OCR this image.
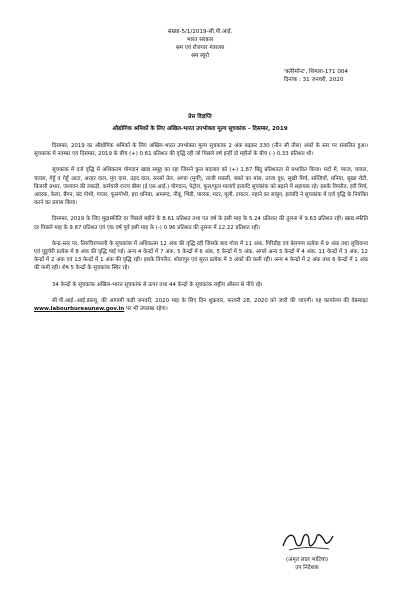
संख्या-5/1/2019-सी.पी.आई.
भारत सरकार
श्रम एवं रोजगार मंत्रालय
श्रम ब्यूरो
'क्लेरेमॉन्ट', शिमला-171 004
दिनांक : 31 जनवरी, 2020
प्रेस विज्ञप्ति
औद्योगिक श्रमिकों के लिए अखिल-भारत उपभोक्ता मूल्य सूचकांक – दिसम्बर, 2019

दिसम्बर, 2019 का औद्योगिक श्रमिकों के लिए अखिल-भारत उपभोक्ता मूल्य सूचकांक 2 अंक बढ़कर 330 (तीन सौ तीस) अंकों के स्तर पर संकलित हुआ। सूचकांक में नवम्बर एवं दिसम्बर, 2019 के बीच (+) 0.61 प्रतिशत की वृद्धि रही जो पिछले वर्ष इन्हीं दो महीनों के बीच (-) 0.33 प्रतिशत थी।

सूचकांक में दर्ज वृद्धि में अधिकतम योगदान खाद्य समूह का रहा जिसने कुल बदलाव को (+) 1.87 बिंदु प्रतिशतता से प्रभावित किया। मदों में, प्याज, चावल, चावल, गेहूँ व गेहूँ आटा, अरहर दाल, मूंग दाल, उड़द दाल, सरसों तेल, अण्डा (मुर्गी), ताजी मछली, बकरे का मांस, ताजा दूध, सूखी मिर्च, सब्जियाँ, धनिया, सूखा रोटी, बिजली प्रभार, जलावन की लकड़ी, कर्मचारी राज्य बीमा (ई.एस.आई.) योगदान, पेट्रोल, फूल/फूल मालाएँ इत्यादि सूचकांक को बढ़ाने में सहायक रहे। इसके विपरीत, हरी मिर्च, अदरक, केला, बैंगन, बंद गोभी, गाजर, फूलगोभी, हरा धनिया, अमरूद, नींबू, भिंडी, पालक, मटर, मूली, टमाटर, नहाने का साबुन, इत्यादि ने सूचकांक में दर्ज वृद्धि के नियंत्रित करने का प्रयास किया।

दिसम्बर, 2019 के लिए मुद्रास्फीति दर पिछले महीने के 8.61 प्रतिशत तथा गत वर्ष के इसी माह के 5.24 प्रतिशत की तुलना में 9.63 प्रतिशत रही। खाद्य-स्फीति दर पिछले माह के 9.87 प्रतिशत एवं एक वर्ष पूर्व इसी माह के (-) 0.96 प्रतिशत की तुलना में 12.22 प्रतिशत रही।

केन्द्र-स्तर पर, तिरुचिरापल्ली के सूचकांक में अधिकतम 12 अंक की वृद्धि रही जिसके बाद गोवा में 11 अंक, गिरिडीह एवं बेलगाम प्रत्येक में 9 अंक तथा लुधियाना एवं पुडुचेरी प्रत्येक में 8 अंक की वृद्धि पाई गई। अन्य 4 केन्द्रों में 7 अंक, 5 केन्द्रों में 6 अंक, 5 केन्द्रों में 5 अंक, अगले अन्य 5 केन्द्रों में 4 अंक, 11 केन्द्रों में 3 अंक, 12 केन्द्रों में 2 अंक एवं 13 केन्द्रों में 1 अंक की वृद्धि रही। इसके विपरीत, शोलापुर एवं सूरत प्रत्येक में 3 अंकों की कमी रही। अन्य 4 केन्द्रों में 2 अंक तथा 6 केन्द्रों में 1 अंक की कमी रही। शेष 5 केन्द्रों के सूचकांक स्थिर रहे।

34 केन्द्रों के सूचकांक अखिल-भारत सूचकांक से ऊपर तथा 44 केन्द्रों के सूचकांक राष्ट्रीय औसत से नीचे रहे।

सी.पी.आई.-आई.डब्ल्यू. की आगामी कड़ी जनवरी, 2020 माह के लिए दिन शुक्रवार, फरवरी 28, 2020 को जारी की जाएगी। यह कार्यालय की वेबसाइट www.labourbureaunew.gov.in पर भी उपलब्ध रहेगा।

(अमृत लाल भाटिया)
उप निदेशक
